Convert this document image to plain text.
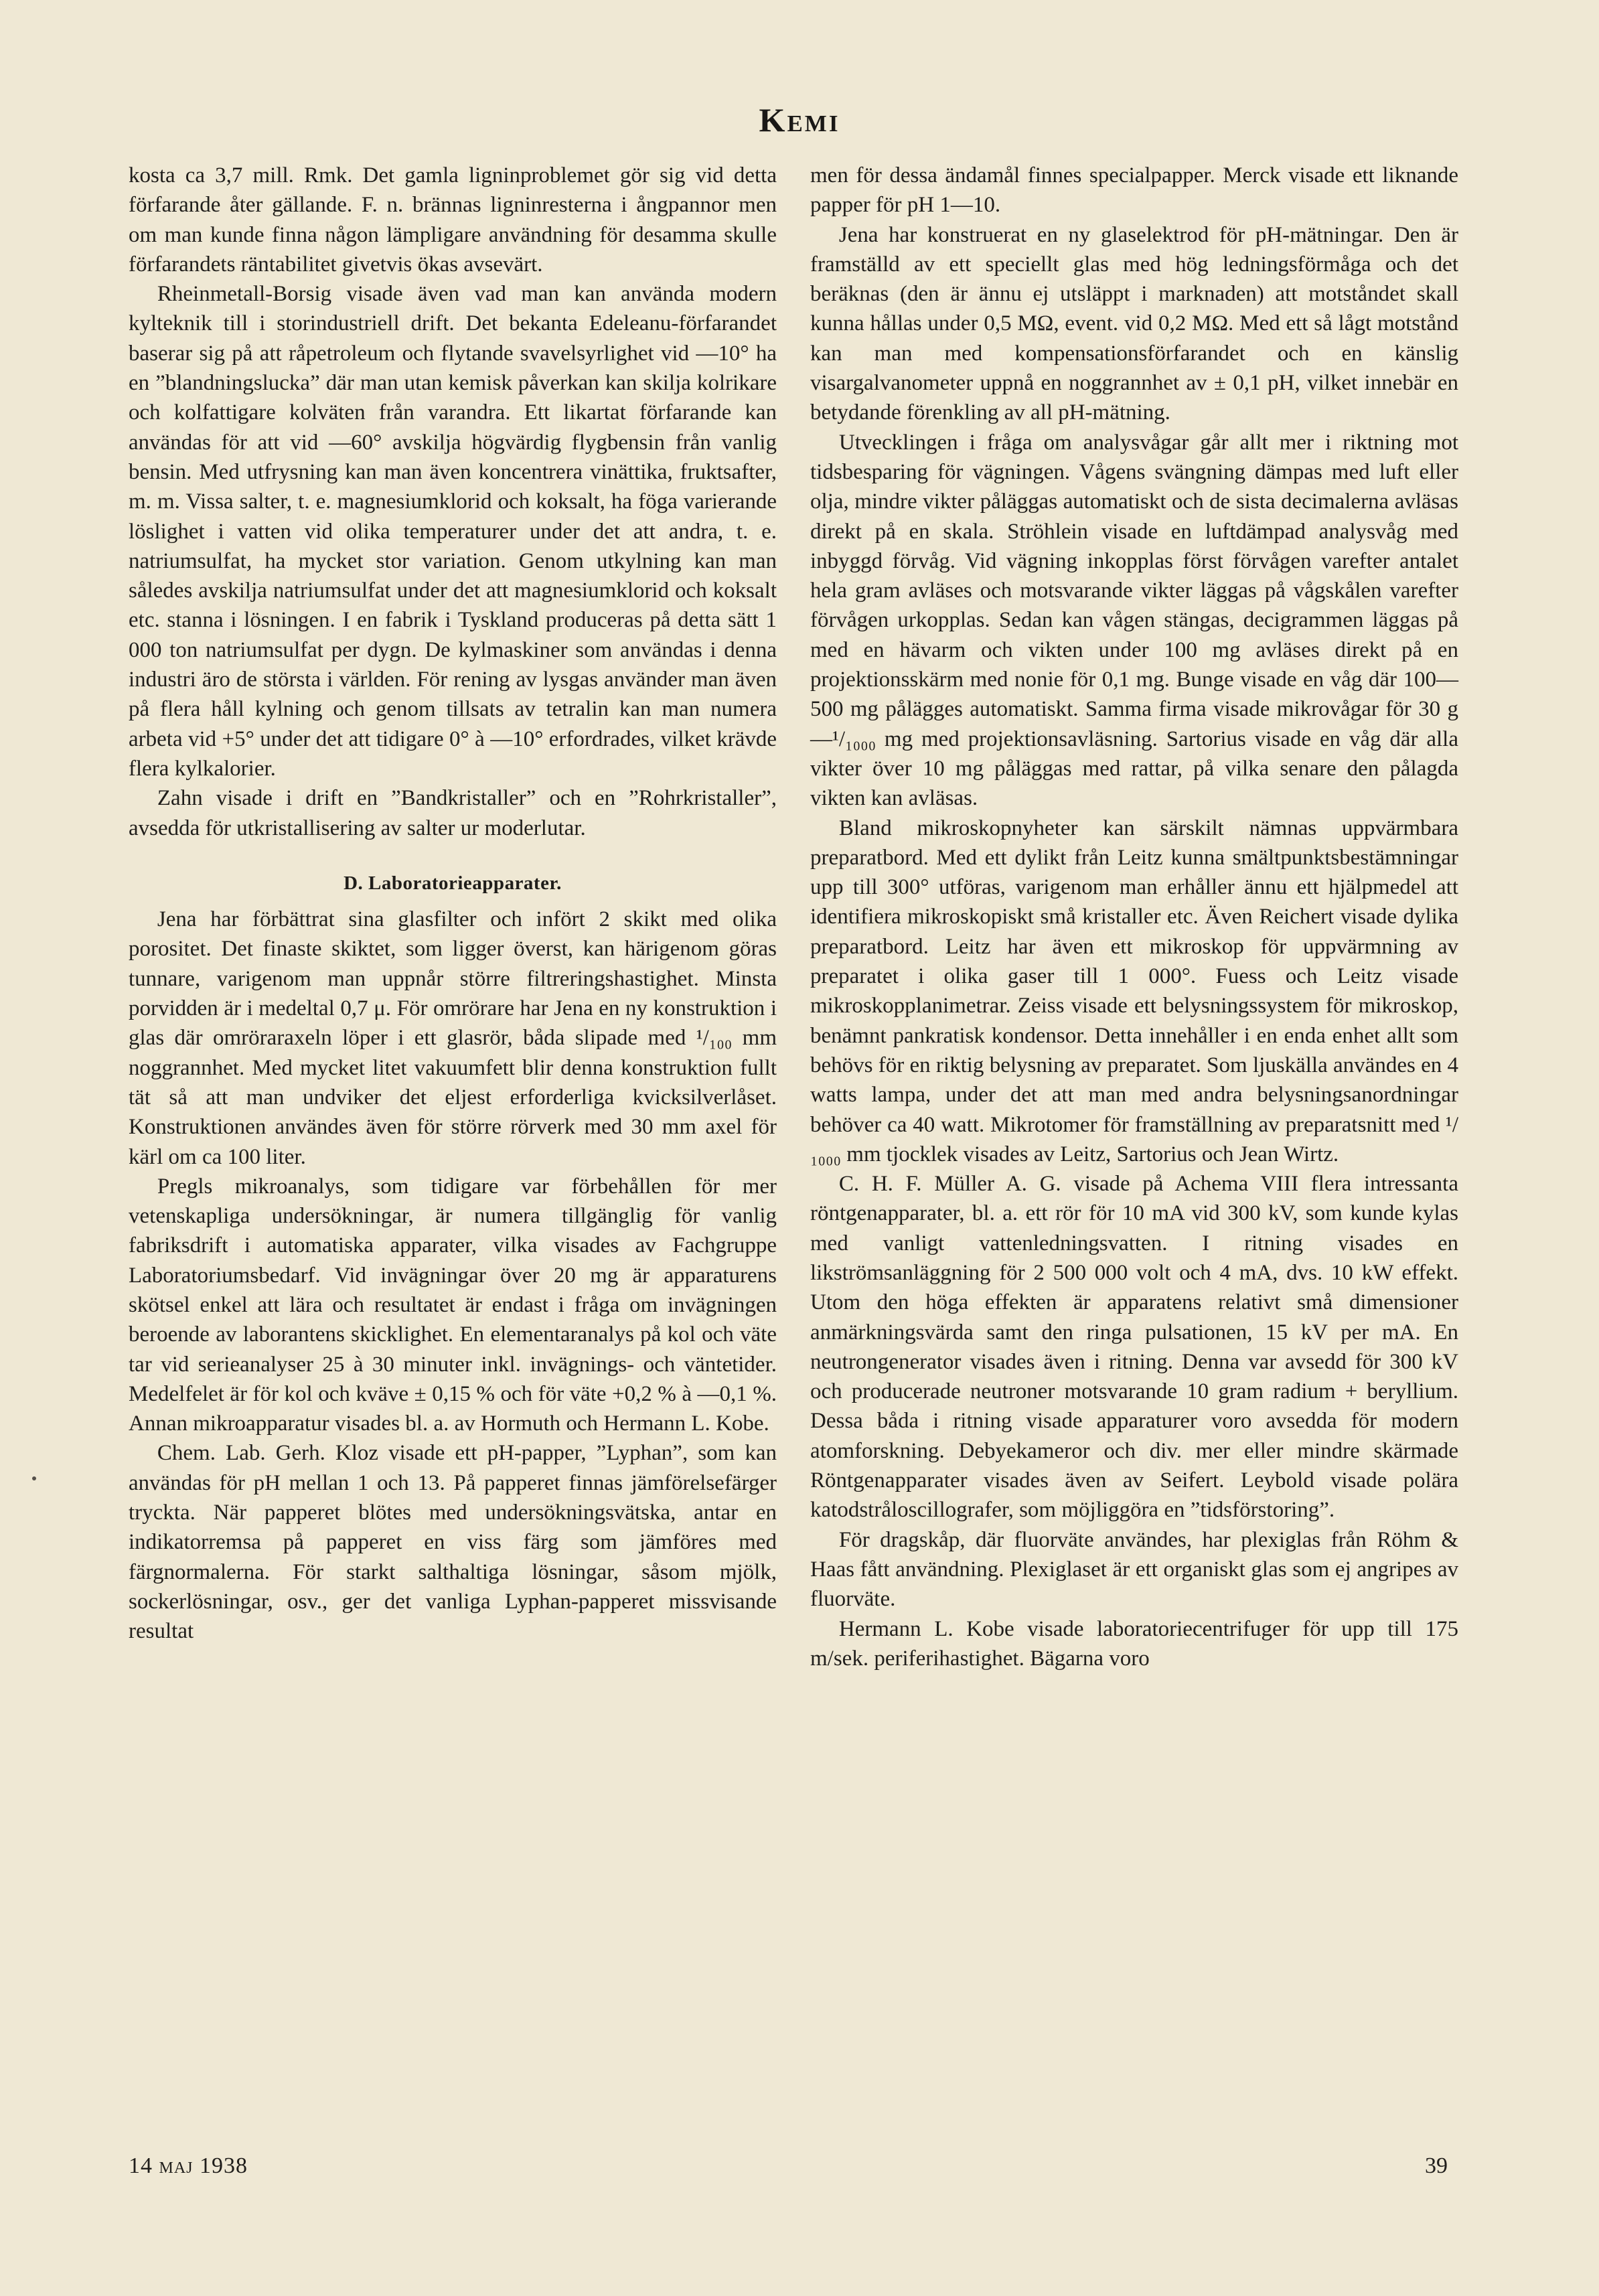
Kemi

kosta ca 3,7 mill. Rmk. Det gamla ligninproblemet gör sig vid detta förfarande åter gällande. F. n. brännas ligninresterna i ångpannor men om man kunde finna någon lämpligare användning för desamma skulle förfarandets räntabilitet givetvis ökas avsevärt.

Rheinmetall-Borsig visade även vad man kan använda modern kylteknik till i storindustriell drift. Det bekanta Edeleanu-förfarandet baserar sig på att råpetroleum och flytande svavelsyrlighet vid —10° ha en ”blandningslucka” där man utan kemisk påverkan kan skilja kolrikare och kolfattigare kolväten från varandra. Ett likartat förfarande kan användas för att vid —60° avskilja högvärdig flygbensin från vanlig bensin. Med utfrysning kan man även koncentrera vinättika, fruktsafter, m. m. Vissa salter, t. e. magnesiumklorid och koksalt, ha föga varierande löslighet i vatten vid olika temperaturer under det att andra, t. e. natriumsulfat, ha mycket stor variation. Genom utkylning kan man således avskilja natriumsulfat under det att magnesiumklorid och koksalt etc. stanna i lösningen. I en fabrik i Tyskland produceras på detta sätt 1 000 ton natriumsulfat per dygn. De kylmaskiner som användas i denna industri äro de största i världen. För rening av lysgas använder man även på flera håll kylning och genom tillsats av tetralin kan man numera arbeta vid +5° under det att tidigare 0° à —10° erfordrades, vilket krävde flera kylkalorier.

Zahn visade i drift en ”Bandkristaller” och en ”Rohrkristaller”, avsedda för utkristallisering av salter ur moderlutar.

D. Laboratorieapparater.

Jena har förbättrat sina glasfilter och infört 2 skikt med olika porositet. Det finaste skiktet, som ligger överst, kan härigenom göras tunnare, varigenom man uppnår större filtreringshastighet. Minsta porvidden är i medeltal 0,7 μ. För omrörare har Jena en ny konstruktion i glas där omröraraxeln löper i ett glasrör, båda slipade med ¹/₁₀₀ mm noggrannhet. Med mycket litet vakuumfett blir denna konstruktion fullt tät så att man undviker det eljest erforderliga kvicksilverlåset. Konstruktionen användes även för större rörverk med 30 mm axel för kärl om ca 100 liter.

Pregls mikroanalys, som tidigare var förbehållen för mer vetenskapliga undersökningar, är numera tillgänglig för vanlig fabriksdrift i automatiska apparater, vilka visades av Fachgruppe Laboratoriumsbedarf. Vid invägningar över 20 mg är apparaturens skötsel enkel att lära och resultatet är endast i fråga om invägningen beroende av laborantens skicklighet. En elementaranalys på kol och väte tar vid serieanalyser 25 à 30 minuter inkl. invägnings- och väntetider. Medelfelet är för kol och kväve ± 0,15 % och för väte +0,2 % à —0,1 %. Annan mikroapparatur visades bl. a. av Hormuth och Hermann L. Kobe.

Chem. Lab. Gerh. Kloz visade ett pH-papper, ”Lyphan”, som kan användas för pH mellan 1 och 13. På papperet finnas jämförelsefärger tryckta. När papperet blötes med undersökningsvätska, antar en indikatorremsa på papperet en viss färg som jämföres med färgnormalerna. För starkt salthaltiga lösningar, såsom mjölk, sockerlösningar, osv., ger det vanliga Lyphan-papperet missvisande resultat

men för dessa ändamål finnes specialpapper. Merck visade ett liknande papper för pH 1—10.

Jena har konstruerat en ny glaselektrod för pH-mätningar. Den är framställd av ett speciellt glas med hög ledningsförmåga och det beräknas (den är ännu ej utsläppt i marknaden) att motståndet skall kunna hållas under 0,5 MΩ, event. vid 0,2 MΩ. Med ett så lågt motstånd kan man med kompensationsförfarandet och en känslig visargalvanometer uppnå en noggrannhet av ± 0,1 pH, vilket innebär en betydande förenkling av all pH-mätning.

Utvecklingen i fråga om analysvågar går allt mer i riktning mot tidsbesparing för vägningen. Vågens svängning dämpas med luft eller olja, mindre vikter påläggas automatiskt och de sista decimalerna avläsas direkt på en skala. Ströhlein visade en luftdämpad analysvåg med inbyggd förvåg. Vid vägning inkopplas först förvågen varefter antalet hela gram avläses och motsvarande vikter läggas på vågskålen varefter förvågen urkopplas. Sedan kan vågen stängas, decigrammen läggas på med en hävarm och vikten under 100 mg avläses direkt på en projektionsskärm med nonie för 0,1 mg. Bunge visade en våg där 100—500 mg pålägges automatiskt. Samma firma visade mikrovågar för 30 g—¹/₁₀₀₀ mg med projektionsavläsning. Sartorius visade en våg där alla vikter över 10 mg påläggas med rattar, på vilka senare den pålagda vikten kan avläsas.

Bland mikroskopnyheter kan särskilt nämnas uppvärmbara preparatbord. Med ett dylikt från Leitz kunna smältpunktsbestämningar upp till 300° utföras, varigenom man erhåller ännu ett hjälpmedel att identifiera mikroskopiskt små kristaller etc. Även Reichert visade dylika preparatbord. Leitz har även ett mikroskop för uppvärmning av preparatet i olika gaser till 1 000°. Fuess och Leitz visade mikroskopplanimetrar. Zeiss visade ett belysningssystem för mikroskop, benämnt pankratisk kondensor. Detta innehåller i en enda enhet allt som behövs för en riktig belysning av preparatet. Som ljuskälla användes en 4 watts lampa, under det att man med andra belysningsanordningar behöver ca 40 watt. Mikrotomer för framställning av preparatsnitt med ¹/₁₀₀₀ mm tjocklek visades av Leitz, Sartorius och Jean Wirtz.

C. H. F. Müller A. G. visade på Achema VIII flera intressanta röntgenapparater, bl. a. ett rör för 10 mA vid 300 kV, som kunde kylas med vanligt vattenledningsvatten. I ritning visades en likströmsanläggning för 2 500 000 volt och 4 mA, dvs. 10 kW effekt. Utom den höga effekten är apparatens relativt små dimensioner anmärkningsvärda samt den ringa pulsationen, 15 kV per mA. En neutrongenerator visades även i ritning. Denna var avsedd för 300 kV och producerade neutroner motsvarande 10 gram radium + beryllium. Dessa båda i ritning visade apparaturer voro avsedda för modern atomforskning. Debyekameror och div. mer eller mindre skärmade Röntgenapparater visades även av Seifert. Leybold visade polära katodstråloscillografer, som möjliggöra en ”tidsförstoring”.

För dragskåp, där fluorväte användes, har plexiglas från Röhm & Haas fått användning. Plexiglaset är ett organiskt glas som ej angripes av fluorväte.

Hermann L. Kobe visade laboratoriecentrifuger för upp till 175 m/sek. periferihastighet. Bägarna voro

14 maj 1938	39
